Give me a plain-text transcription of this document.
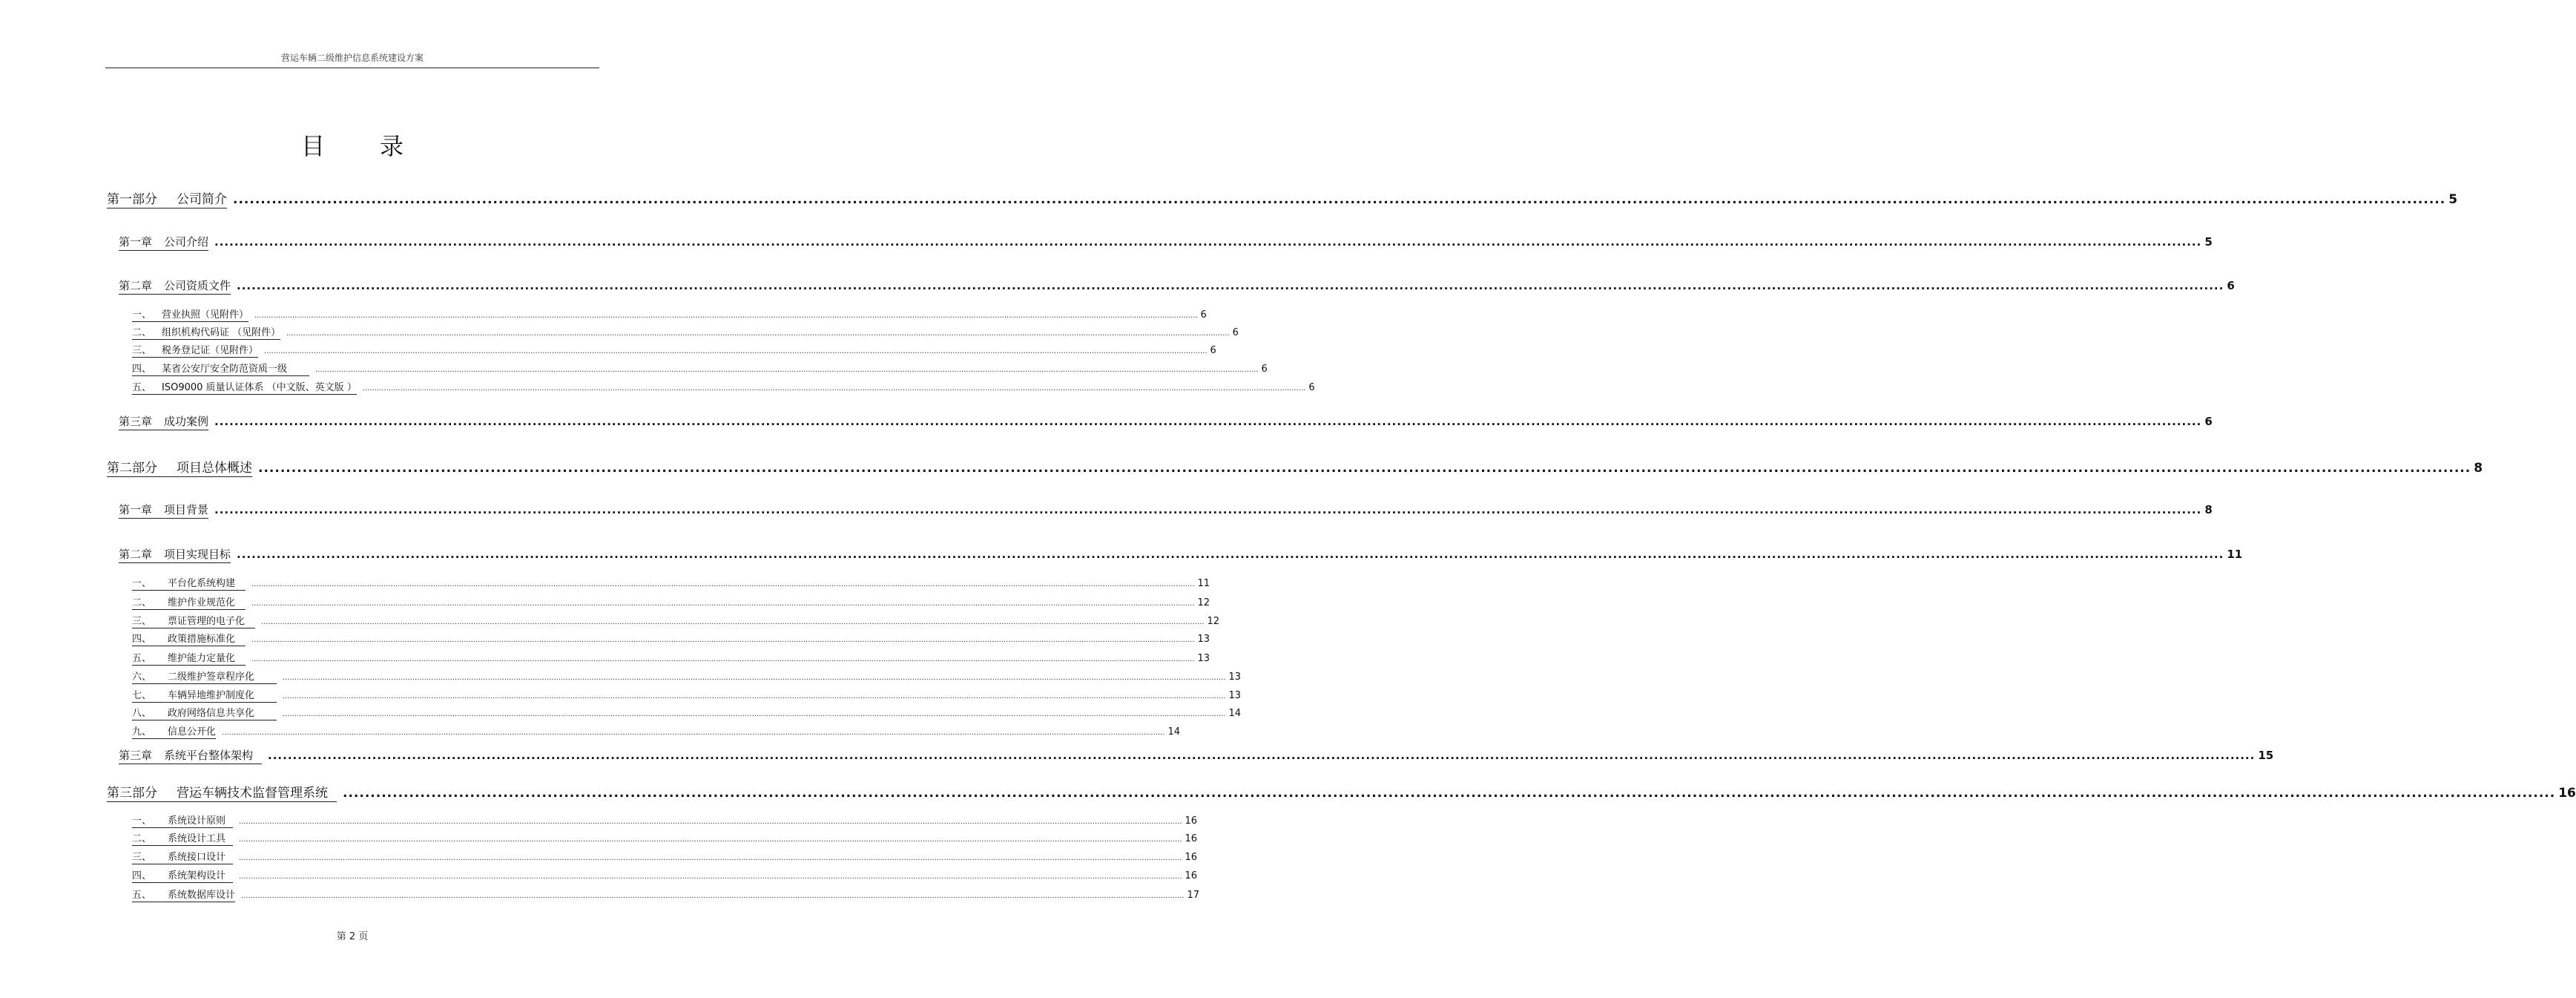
营运车辆二级维护信息系统建设方案
目录
第一部分 公司简介 ................................................................................................................................................................................................................................................................................................................................................................................................................ 5
第一章 公司介绍 ................................................................................................................................................................................................................................................................................................................................................................................................................ 5
第二章 公司资质文件 ................................................................................................................................................................................................................................................................................................................................................................................................................ 6
一、 营业执照（见附件） ................................................................................................................................................................................................................................................................................................................................................................................................................ 6
二、 组织机构代码证 （见附件） ................................................................................................................................................................................................................................................................................................................................................................................................................ 6
三、 税务登记证（见附件） ................................................................................................................................................................................................................................................................................................................................................................................................................ 6
四、 某省公安厅安全防范资质一级	................................................................................................................................................................................................................................................................................................................................................................................................................ 6
五、 ISO9000 质量认证体系 （中文版、英文版 ） ................................................................................................................................................................................................................................................................................................................................................................................................................ 6
第三章 成功案例 ................................................................................................................................................................................................................................................................................................................................................................................................................ 6
第二部分 项目总体概述 ................................................................................................................................................................................................................................................................................................................................................................................................................ 8
第一章 项目背景 ................................................................................................................................................................................................................................................................................................................................................................................................................ 8
第二章 项目实现目标 ................................................................................................................................................................................................................................................................................................................................................................................................................ 11
一、 平台化系统构建	................................................................................................................................................................................................................................................................................................................................................................................................................ 11
二、 维护作业规范化	................................................................................................................................................................................................................................................................................................................................................................................................................ 12
三、 票证管理的电子化	................................................................................................................................................................................................................................................................................................................................................................................................................ 12
四、 政策措施标准化	................................................................................................................................................................................................................................................................................................................................................................................................................ 13
五、 维护能力定量化	................................................................................................................................................................................................................................................................................................................................................................................................................ 13
六、 二级维护签章程序化	................................................................................................................................................................................................................................................................................................................................................................................................................ 13
七、 车辆异地维护制度化	................................................................................................................................................................................................................................................................................................................................................................................................................ 13
八、 政府网络信息共享化	................................................................................................................................................................................................................................................................................................................................................................................................................ 14
九、 信息公开化 ................................................................................................................................................................................................................................................................................................................................................................................................................ 14
第三章 系统平台整体架构	................................................................................................................................................................................................................................................................................................................................................................................................................ 15
第三部分 营运车辆技术监督管理系统	................................................................................................................................................................................................................................................................................................................................................................................................................ 16
一、 系统设计原则	................................................................................................................................................................................................................................................................................................................................................................................................................ 16
二、 系统设计工具	................................................................................................................................................................................................................................................................................................................................................................................................................ 16
三、 系统接口设计	................................................................................................................................................................................................................................................................................................................................................................................................................ 16
四、 系统架构设计	................................................................................................................................................................................................................................................................................................................................................................................................................ 16
五、 系统数据库设计 ................................................................................................................................................................................................................................................................................................................................................................................................................ 17
第 2 页
